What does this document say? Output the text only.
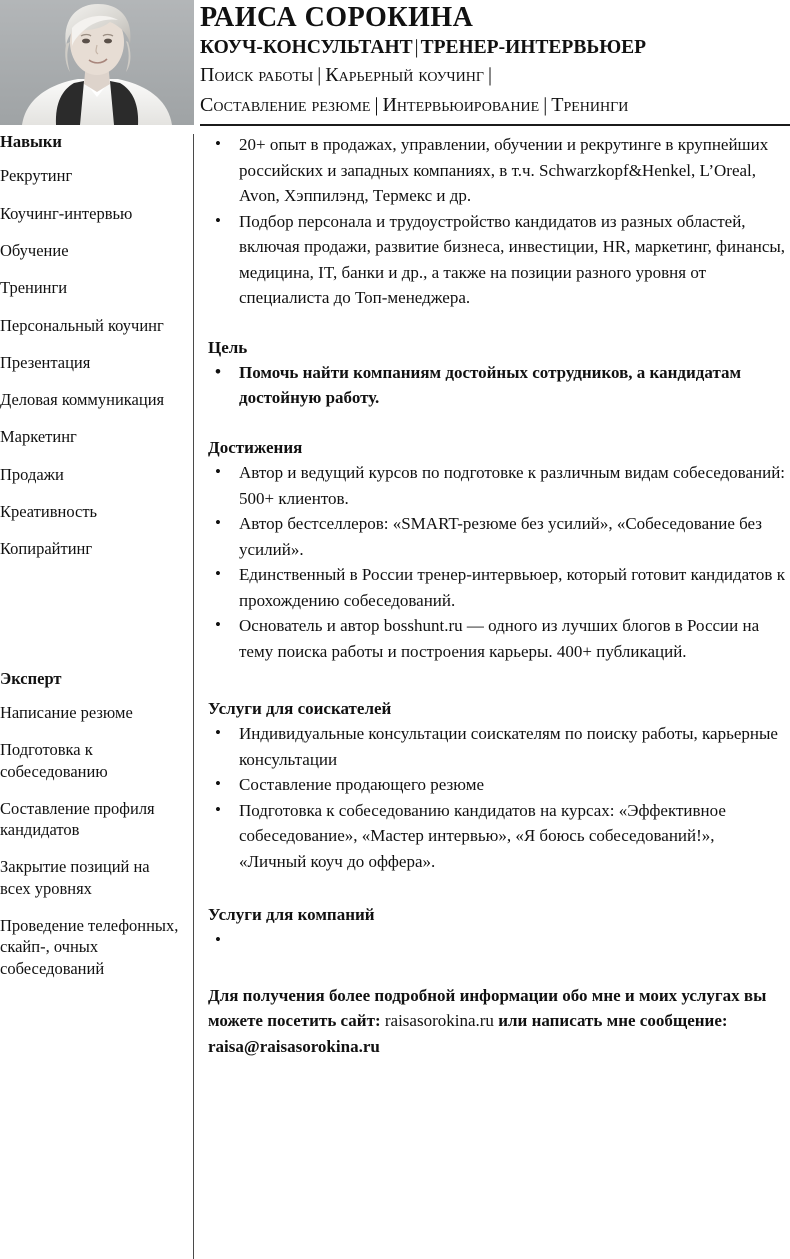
РАИСА СОРОКИНА
КОУЧ-КОНСУЛЬТАНТ | ТРЕНЕР-ИНТЕРВЬЮЕР
Поиск работы | Карьерный коучинг |
Составление резюме | Интервьюирование | Тренинги
Навыки
Рекрутинг
Коучинг-интервью
Обучение
Тренинги
Персональный коучинг
Презентация
Деловая коммуникация
Маркетинг
Продажи
Креативность
Копирайтинг
Эксперт
Написание резюме
Подготовка к собеседованию
Составление профиля кандидатов
Закрытие позиций на всех уровнях
Проведение телефонных, скайп-, очных собеседований
• 20+ опыт в продажах, управлении, обучении и рекрутинге в крупнейших российских и западных компаниях, в т.ч. Schwarzkopf&Henkel, L’Oreal, Avon, Хэппилэнд, Термекс и др.
• Подбор персонала и трудоустройство кандидатов из разных областей, включая продажи, развитие бизнеса, инвестиции, HR, маркетинг, финансы, медицина, IT, банки и др., а также на позиции разного уровня от специалиста до Топ-менеджера.
Цель
• Помочь найти компаниям достойных сотрудников, а кандидатам достойную работу.
Достижения
• Автор и ведущий курсов по подготовке к различным видам собеседований: 500+ клиентов.
• Автор бестселлеров: «SMART-резюме без усилий», «Собеседование без усилий».
• Единственный в России тренер-интервьюер, который готовит кандидатов к прохождению собеседований.
• Основатель и автор bosshunt.ru — одного из лучших блогов в России на тему поиска работы и построения карьеры. 400+ публикаций.
Услуги для соискателей
• Индивидуальные консультации соискателям по поиску работы, карьерные консультации
• Составление продающего резюме
• Подготовка к собеседованию кандидатов на курсах: «Эффективное собеседование», «Мастер интервью», «Я боюсь собеседований!», «Личный коуч до оффера».
Услуги для компаний
•

Для получения более подробной информации обо мне и моих услугах вы можете посетить сайт: raisasorokina.ru или написать мне сообщение: raisa@raisasorokina.ru
